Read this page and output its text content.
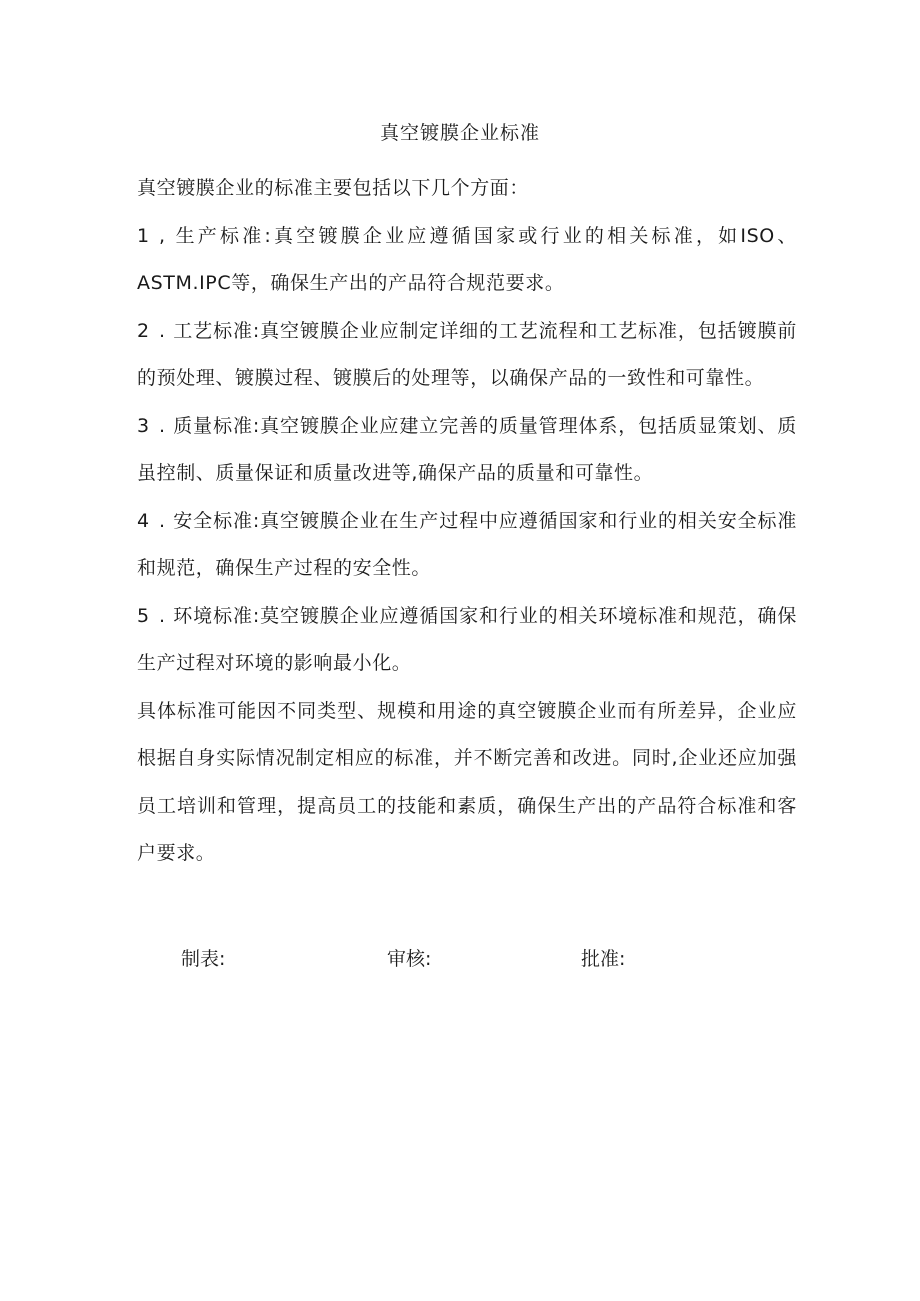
真空镀膜企业标准

真空镀膜企业的标准主要包括以下几个方面：

1 , 生产标准:真空镀膜企业应遵循国家或行业的相关标准，如ISO、ASTM.IPC等，确保生产出的产品符合规范要求。

2 . 工艺标准:真空镀膜企业应制定详细的工艺流程和工艺标准，包括镀膜前的预处理、镀膜过程、镀膜后的处理等，以确保产品的一致性和可靠性。

3 . 质量标准:真空镀膜企业应建立完善的质量管理体系，包括质显策划、质虽控制、质量保证和质量改进等,确保产品的质量和可靠性。

4 . 安全标准:真空镀膜企业在生产过程中应遵循国家和行业的相关安全标准和规范，确保生产过程的安全性。

5 . 环境标准:莫空镀膜企业应遵循国家和行业的相关环境标准和规范，确保生产过程对环境的影响最小化。

具体标准可能因不同类型、规模和用途的真空镀膜企业而有所差异，企业应根据自身实际情况制定相应的标准，并不断完善和改进。同时,企业还应加强员工培训和管理，提高员工的技能和素质，确保生产出的产品符合标准和客户要求。

制表:	审核:	批准:
